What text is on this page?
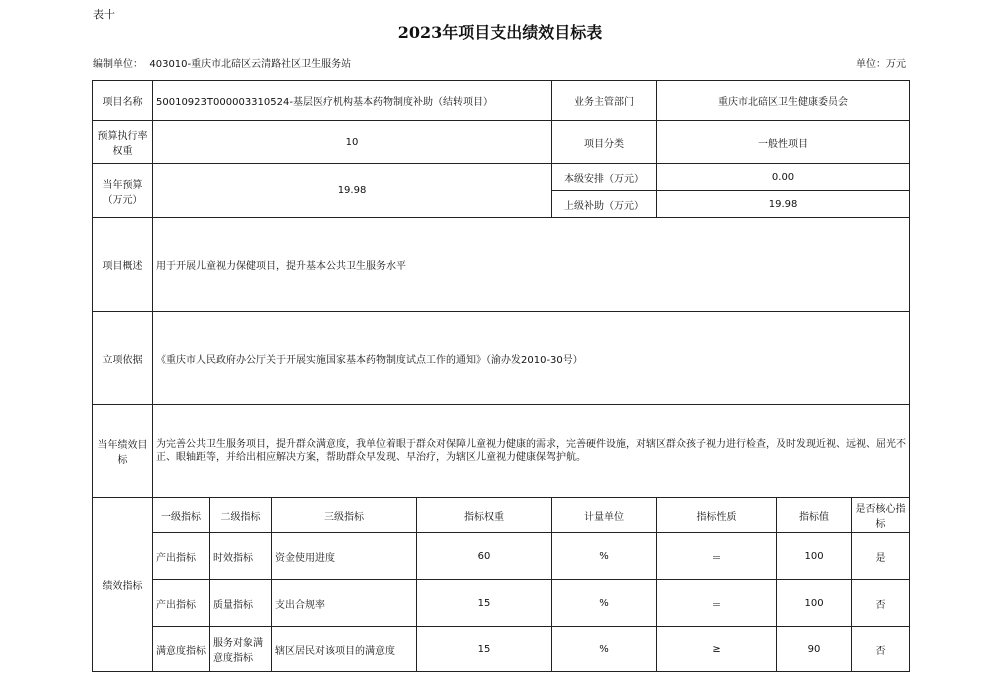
表十
2023年项目支出绩效目标表
编制单位： 403010-重庆市北碚区云清路社区卫生服务站	单位：万元
项目名称	50010923T000003310524-基层医疗机构基本药物制度补助（结转项目）				业务主管部门	重庆市北碚区卫生健康委员会		
预算执行率权重	10				项目分类	一般性项目		
当年预算（万元）	19.98				本级安排（万元）	0.00		
					上级补助（万元）	19.98		
项目概述	用于开展儿童视力保健项目，提升基本公共卫生服务水平							
立项依据	《重庆市人民政府办公厅关于开展实施国家基本药物制度试点工作的通知》（渝办发2010-30号）							
当年绩效目标	为完善公共卫生服务项目，提升群众满意度，我单位着眼于群众对保障儿童视力健康的需求，完善硬件设施，对辖区群众孩子视力进行检查，及时发现近视、远视、屈光不正、眼轴距等，并给出相应解决方案，帮助群众早发现、早治疗，为辖区儿童视力健康保驾护航。							
绩效指标	一级指标	二级指标	三级指标	指标权重	计量单位	指标性质	指标值	是否核心指标
	产出指标	时效指标	资金使用进度	60	%	＝	100	是
	产出指标	质量指标	支出合规率	15	%	＝	100	否
	满意度指标	服务对象满意度指标	辖区居民对该项目的满意度	15	%	≥	90	否
